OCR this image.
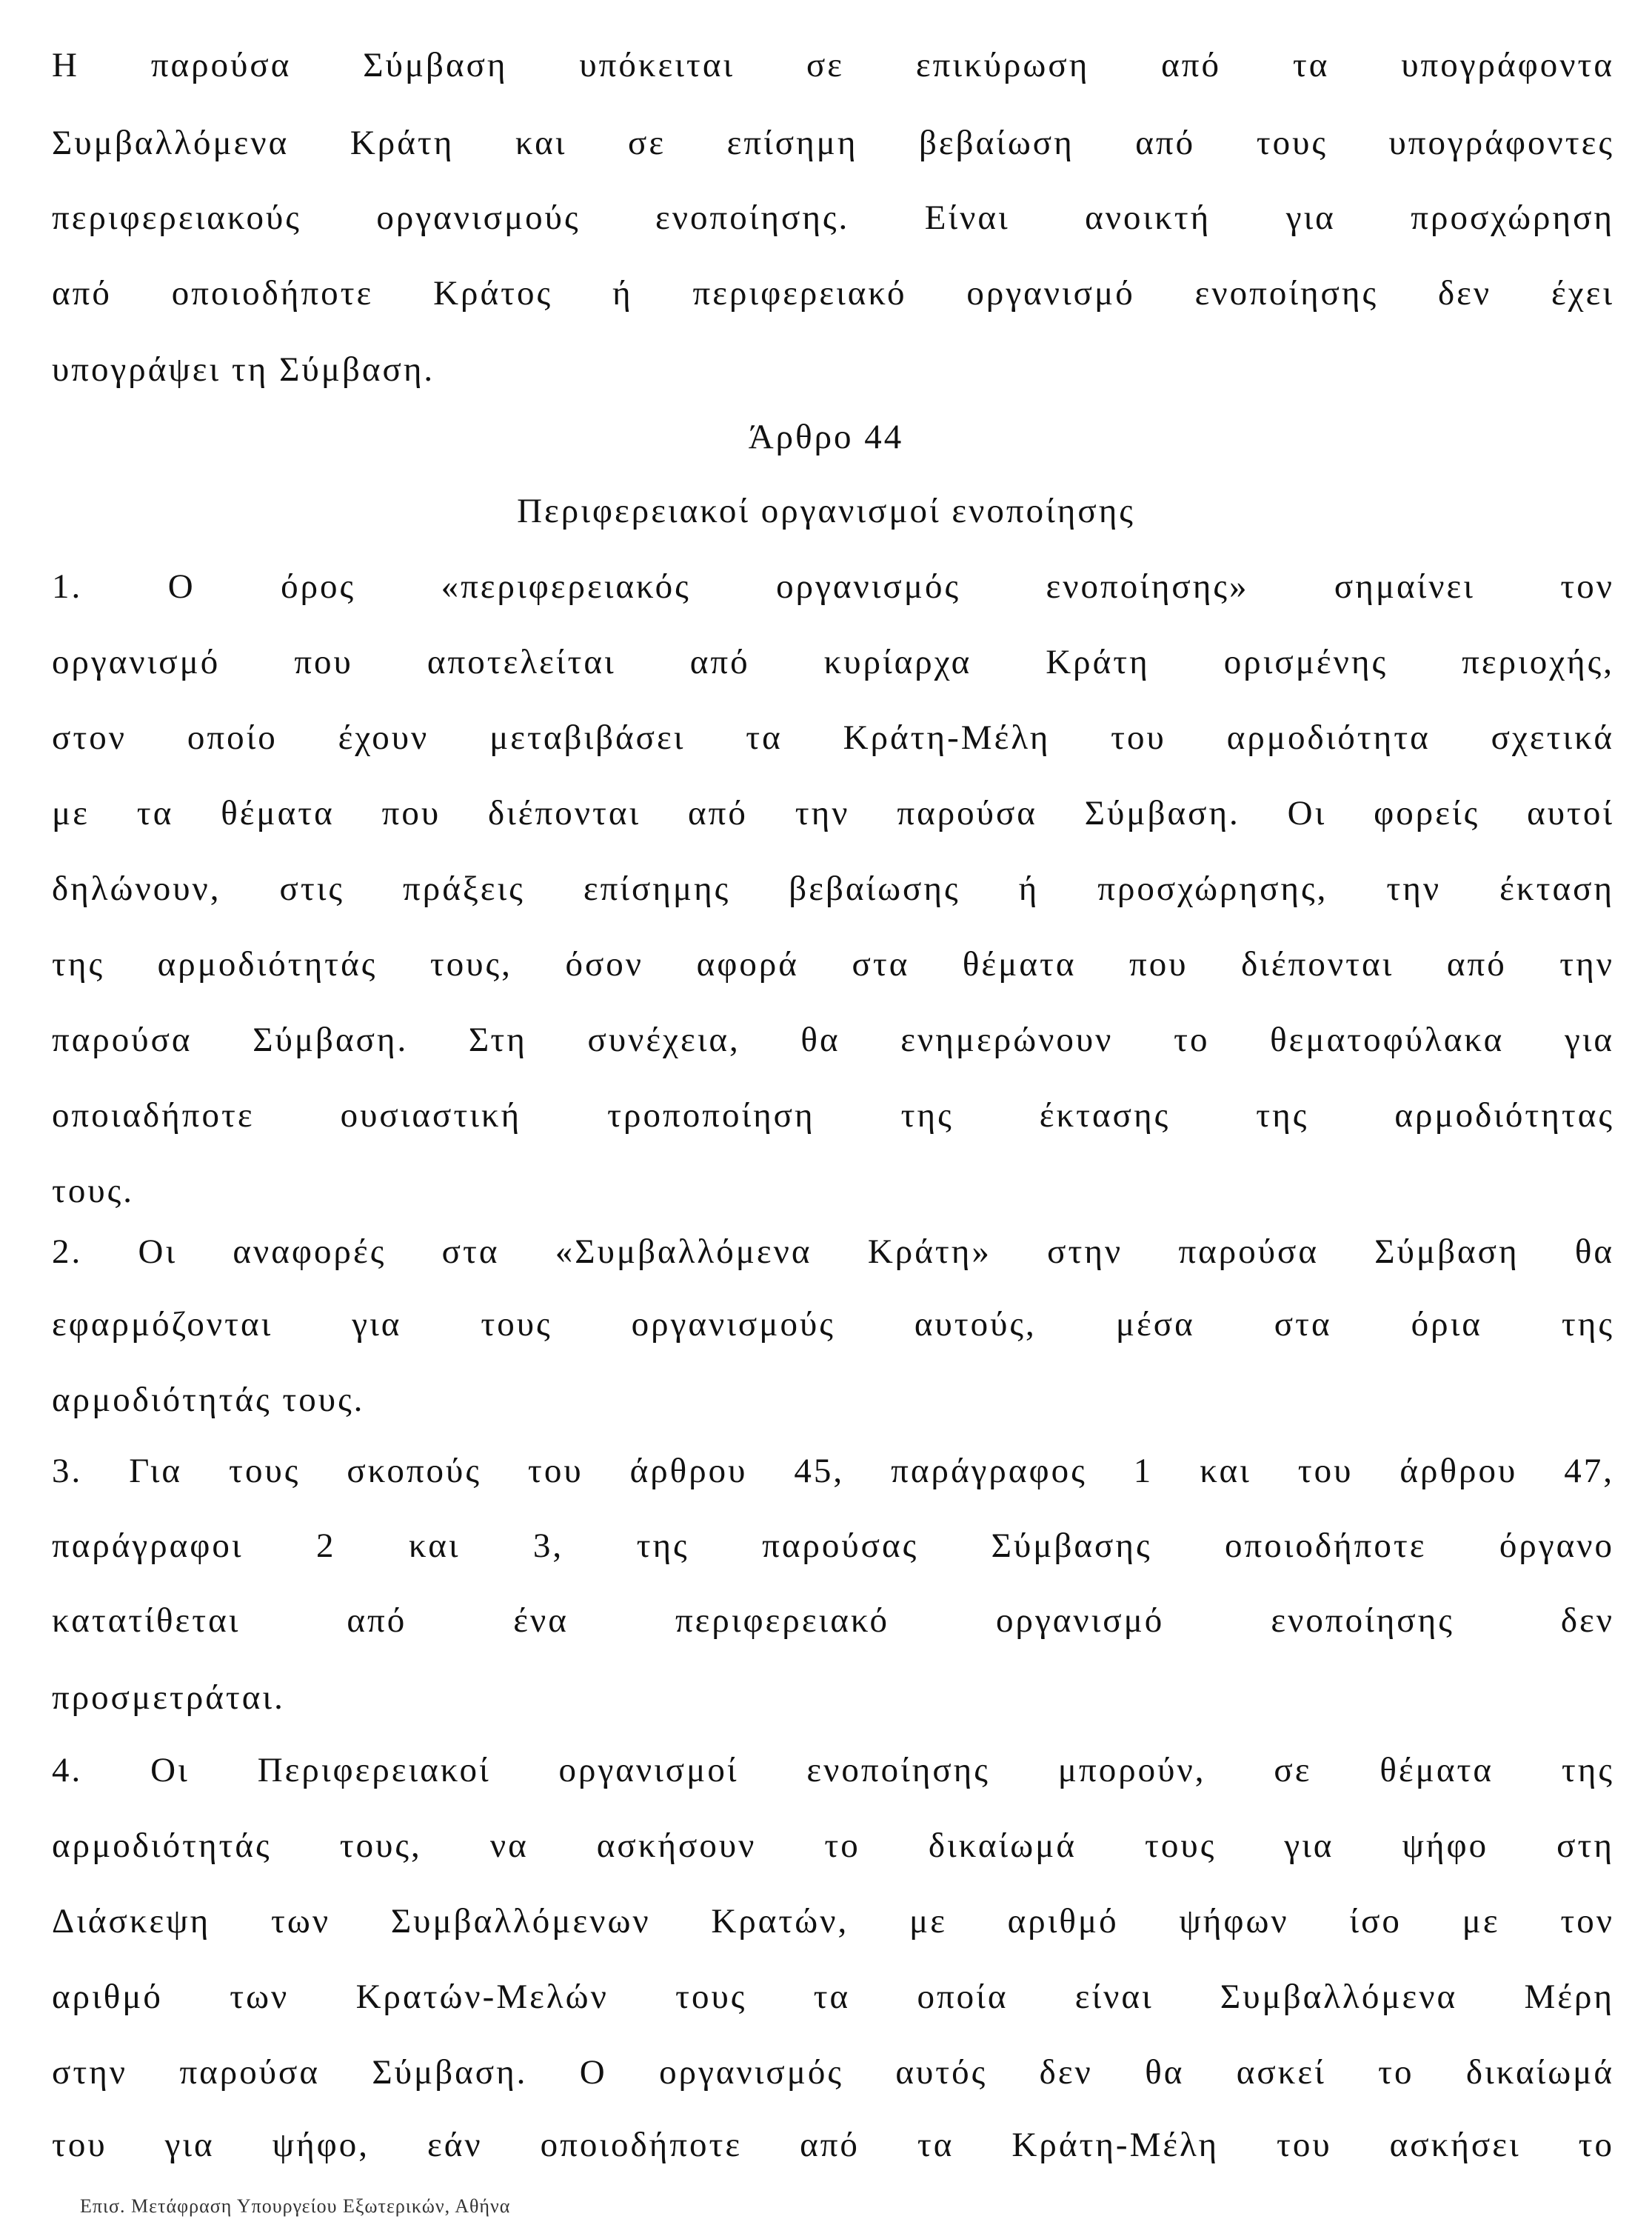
Η παρούσα Σύμβαση υπόκειται σε επικύρωση από τα υπογράφοντα
Συμβαλλόμενα Κράτη και σε επίσημη βεβαίωση από τους υπογράφοντες
περιφερειακούς οργανισμούς ενοποίησης. Είναι ανοικτή για προσχώρηση
από οποιοδήποτε Κράτος ή περιφερειακό οργανισμό ενοποίησης δεν έχει
υπογράψει τη Σύμβαση.
Άρθρο 44
Περιφερειακοί οργανισμοί ενοποίησης
1. Ο όρος «περιφερειακός οργανισμός ενοποίησης» σημαίνει τον
οργανισμό που αποτελείται από κυρίαρχα Κράτη ορισμένης περιοχής,
στον οποίο έχουν μεταβιβάσει τα Κράτη-Μέλη του αρμοδιότητα σχετικά
με τα θέματα που διέπονται από την παρούσα Σύμβαση. Οι φορείς αυτοί
δηλώνουν, στις πράξεις επίσημης βεβαίωσης ή προσχώρησης, την έκταση
της αρμοδιότητάς τους, όσον αφορά στα θέματα που διέπονται από την
παρούσα Σύμβαση. Στη συνέχεια, θα ενημερώνουν το θεματοφύλακα για
οποιαδήποτε ουσιαστική τροποποίηση της έκτασης της αρμοδιότητας
τους.
2. Οι αναφορές στα «Συμβαλλόμενα Κράτη» στην παρούσα Σύμβαση θα
εφαρμόζονται για τους οργανισμούς αυτούς, μέσα στα όρια της
αρμοδιότητάς τους.
3. Για τους σκοπούς του άρθρου 45, παράγραφος 1 και του άρθρου 47,
παράγραφοι 2 και 3, της παρούσας Σύμβασης οποιοδήποτε όργανο
κατατίθεται από ένα περιφερειακό οργανισμό ενοποίησης δεν
προσμετράται.
4. Οι Περιφερειακοί οργανισμοί ενοποίησης μπορούν, σε θέματα της
αρμοδιότητάς τους, να ασκήσουν το δικαίωμά τους για ψήφο στη
Διάσκεψη των Συμβαλλόμενων Κρατών, με αριθμό ψήφων ίσο με τον
αριθμό των Κρατών-Μελών τους τα οποία είναι Συμβαλλόμενα Μέρη
στην παρούσα Σύμβαση. Ο οργανισμός αυτός δεν θα ασκεί το δικαίωμά
του για ψήφο, εάν οποιοδήποτε από τα Κράτη-Μέλη του ασκήσει το
Επισ. Μετάφραση Υπουργείου Εξωτερικών, Αθήνα
